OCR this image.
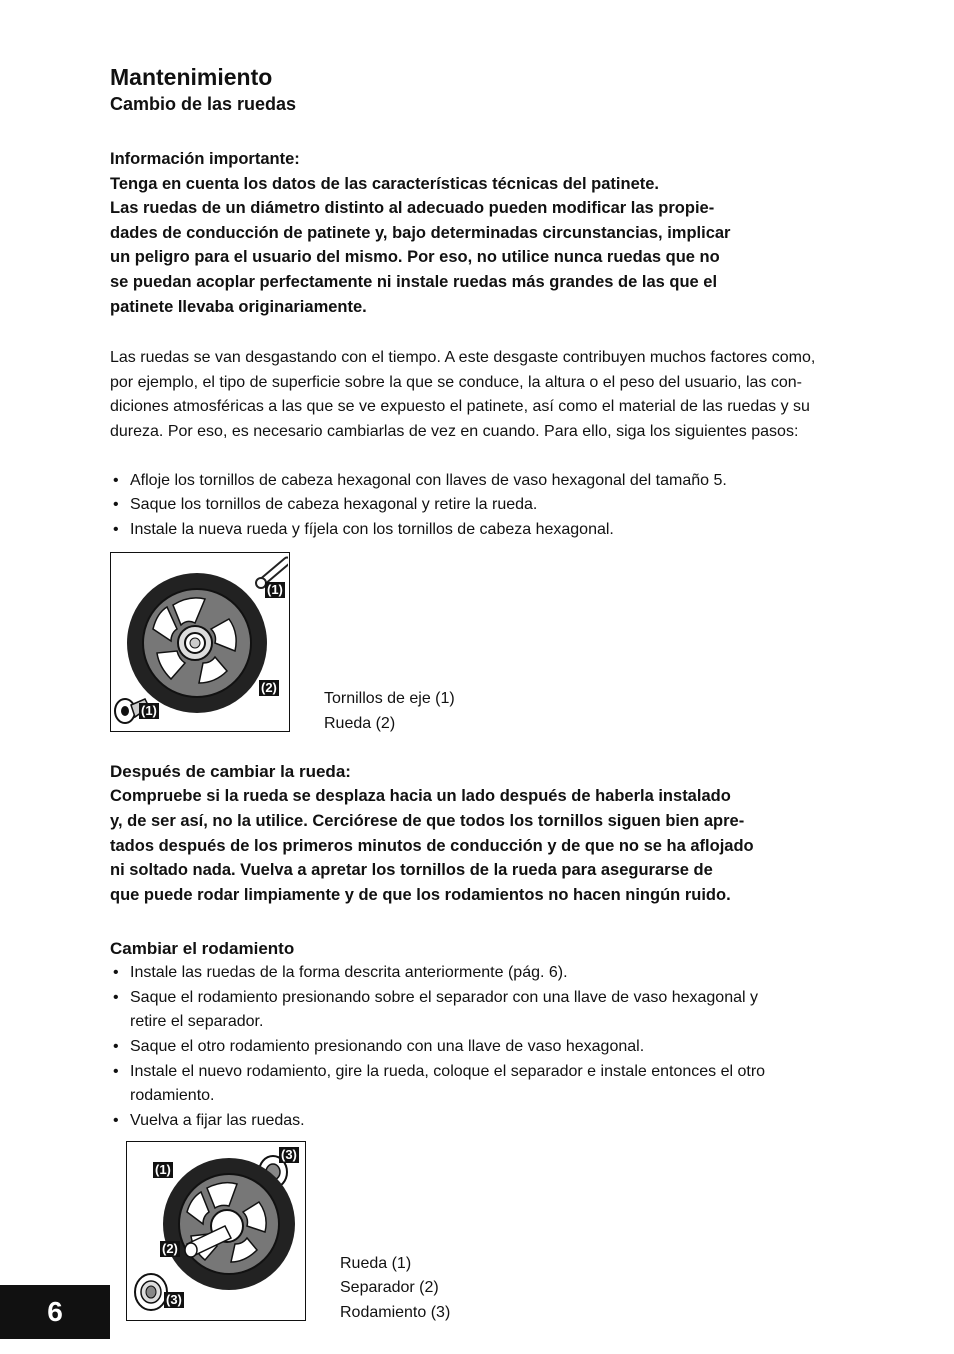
Mantenimiento
Cambio de las ruedas

Información importante:

Tenga en cuenta los datos de las características técnicas del patinete.

Las ruedas de un diámetro distinto al adecuado pueden modificar las propie-

dades de conducción de patinete y, bajo determinadas circunstancias, implicar

un peligro para el usuario del mismo. Por eso, no utilice nunca ruedas que no

se puedan acoplar perfectamente ni instale ruedas más grandes de las que el

patinete llevaba originariamente.

Las ruedas se van desgastando con el tiempo. A este desgaste contribuyen muchos factores como,

por ejemplo, el tipo de superficie sobre la que se conduce, la altura o el peso del usuario, las con-

diciones atmosféricas a las que se ve expuesto el patinete, así como el material de las ruedas y su

dureza. Por eso, es necesario cambiarlas de vez en cuando. Para ello, siga los siguientes pasos:

• Afloje los tornillos de cabeza hexagonal con llaves de vaso hexagonal del tamaño 5.
• Saque los tornillos de cabeza hexagonal y retire la rueda.
• Instale la nueva rueda y fíjela con los tornillos de cabeza hexagonal.
(1)
(2)
(1)
Tornillos de eje (1)
Rueda (2)
Después de cambiar la rueda:

Compruebe si la rueda se desplaza hacia un lado después de haberla instalado

y, de ser así, no la utilice. Cerciórese de que todos los tornillos siguen bien apre-

tados después de los primeros minutos de conducción y de que no se ha aflojado

ni soltado nada. Vuelva a apretar los tornillos de la rueda para asegurarse de

que puede rodar limpiamente y de que los rodamientos no hacen ningún ruido.

Cambiar el rodamiento
• Instale las ruedas de la forma descrita anteriormente (pág. 6).
• Saque el rodamiento presionando sobre el separador con una llave de vaso hexagonal y
retire el separador.
• Saque el otro rodamiento presionando con una llave de vaso hexagonal.
• Instale el nuevo rodamiento, gire la rueda, coloque el separador e instale entonces el otro
rodamiento.
• Vuelva a fijar las ruedas.
(1)
(2)
(3)
(3)
Rueda (1)
Separador (2)
Rodamiento (3)
6
